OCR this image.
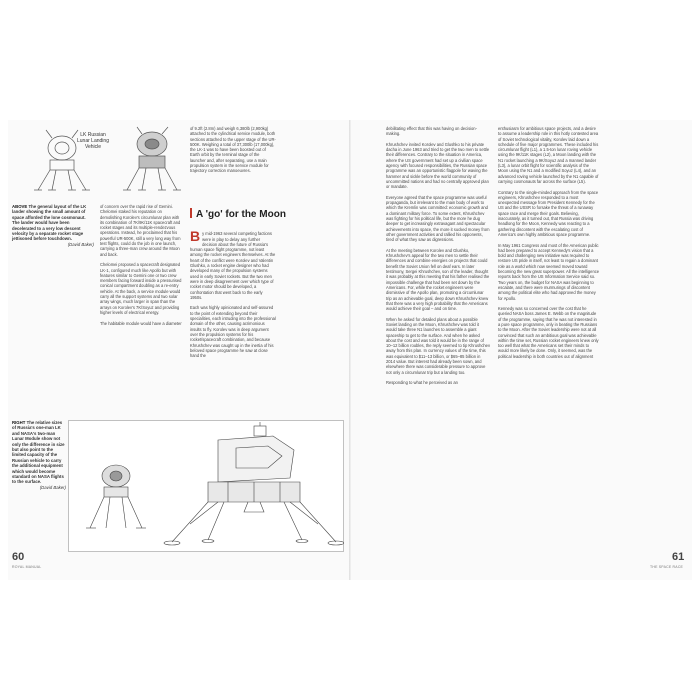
LK Russian
Lunar Landing
Vehicle
ABOVE The general layout of the LK lander showing the small amount of space afforded the lone cosmonaut. The lander would have been decelerated to a very low descent velocity by a separate rocket stage jettisoned before touchdown.
(David Baker)
of concern over the rapid rise of Gemini. Chelomei staked his reputation on demolishing Korolev's circumlunar plan with its combination of 7K/9K/11K spacecraft and rocket stages and its multiple-rendezvous operations. Instead, he proclaimed that his powerful UR-500K, still a very long way from test flights, could do the job in one launch, carrying a three-man crew around the Moon and back.

Chelomei proposed a spacecraft designated LK-1, configured much like Apollo but with features similar to Gemini one or two crew members facing forward inside a pressurised conical compartment doubling as a re-entry vehicle. At the back, a service module would carry all the support systems and two solar array wings, much larger in span than the arrays on Korolev's 7K/Soyuz and providing higher levels of electrical energy.

The habitable module would have a diameter
of 9.2ft (2.8m) and weigh 6,380lb (2,900kg) attached to the cylindrical service module, both sections attached to the upper stage of the UR-500K. Weighing a total of 37,300lb (17,000kg), the LK-1 was to have been boosted out of Earth orbit by the terminal stage of the launcher and, after separating, use a main propulsion system in the service module for trajectory correction manoeuvres.
A 'go' for the Moon

By mid-1963 several competing factions were in play to delay any further decision about the future of Russia's human space flight programme, not least among the rocket engineers themselves. At the heart of the conflict were Korolev and Valentin Glushko, a rocket engine designer who had developed many of the propulsion systems used in early Soviet rockets. But the two men were in deep disagreement over which type of rocket motor should be developed, a confrontation that went back to the early 1950s.

Each was highly opinionated and self-assured to the point of extending beyond their specialities, each intruding into the professional domain of the other, causing acrimonious insults to fly. Korolev was in deep argument over the propulsion systems for his rocket/spacecraft combination, and because Khrushchev was caught up in the inertia of his beloved space programme he saw at close hand the

RIGHT The relative sizes of Russia's one-man LK and NASA's two-man Lunar Module show not only the difference in size but also point to the limited capacity of the Russian vehicle to carry the additional equipment which would become standard on NASA flights to the surface.
(David Baker)
debilitating effect that this was having on decision-making.

Khrushchev invited Korolev and Glushko to his private dacha in June 1963 and tried to get the two men to settle their differences. Contrary to the situation in America, where the US government had set up a civilian space agency with focused responsibilities, the Russian space programme was an opportunistic flagpole for waving the hammer and sickle before the world community of uncommitted nations and had no centrally approved plan or mandate.

Everyone agreed that the space programme was useful propaganda, but irrelevant to the main body of work to which the Kremlin was committed: economic growth and a dominant military force. To some extent, Khrushchev was fighting for his political life, but the more he dug deeper to get increasingly extravagant and spectacular achievements into space, the more it sucked money from other government activities and rallied his opponents, tired of what they saw as digressions.

At the meeting between Korolev and Glushko, Khrushchev's appeal for the two men to settle their differences and combine energies on projects that could benefit the Soviet Union fell on deaf ears. In later testimony, Sergei Khrushchev, son of the leader, thought it was probably at this meeting that his father realised the impossible challenge that had been set down by the Americans. For, while the rocket engineers were dismissive of the Apollo plan, promoting a circumlunar trip as an achievable goal, deep down Khrushchev knew that there was a very high probability that the Americans would achieve their goal – and on time.

When he asked for detailed plans about a possible Soviet landing on the Moon, Khrushchev was told it would take three N1 launches to assemble a giant spaceship to get to the surface. And when he asked about the cost and was told it would be in the range of 10–12 billion roubles, the reply seemed to tip Khrushchev away from this plan. In currency values of the time, this was equivalent to $11–13 billion, or $65–85 billion in 2014 value. But interest had already been sown, and elsewhere there was considerable pressure to approve not only a circumlunar trip but a landing too.

Responding to what he perceived as an
enthusiasm for ambitious space projects, and a desire to assume a leadership role in this hotly contested area of Soviet technological vitality, Korolev laid down a schedule of five major programmes. These included his circumlunar flight (L1), a 1.5-ton lunar roving vehicle using the 9K/11K stages (L2), a Moon landing with the N1 rocket launching a 9K/Soyuz and a manned lander (L3), a lunar orbit flight for scientific analysis of the Moon using the N1 and a modified Soyuz (L4), and an advanced roving vehicle launched by the N1 capable of carrying cosmonauts far across the surface (L5).

Contrary to the single-minded approach from the space engineers, Khrushchev responded to a most unexpected message from President Kennedy for the US and the USSR to forsake the threat of a runaway space race and merge their goals. Believing, inaccurately, as it turned out, that Russia was driving headlong for the Moon, Kennedy was reacting to a gathering discontent with the escalating cost of America's own highly ambitious space programme.

In May 1961 Congress and most of the American public had been prepared to accept Kennedy's vision that a bold and challenging new initiative was required to restore US pride in itself, not least to regain a dominant role as a world which now seemed moved toward becoming the new great superpower. All the intelligence reports back from the US Information Service said so. Two years on, the budget for NASA was beginning to escalate, and there were murmurings of discontent among the political elite who had approved the money for Apollo.

Kennedy was so concerned over the cost that he queried NASA boss James E. Webb on the magnitude of the programme, saying that he was not interested in a pure space programme, only in beating the Russians to the Moon. After the Soviet leadership were not at all convinced that such an ambitious goal was achievable within the time set, Russian rocket engineers knew only too well that what the Americans set their minds to would more likely be done. Only, it seemed, was the political leadership in both countries out of alignment
60
ROYAL MANUAL
61
THE SPACE RACE
